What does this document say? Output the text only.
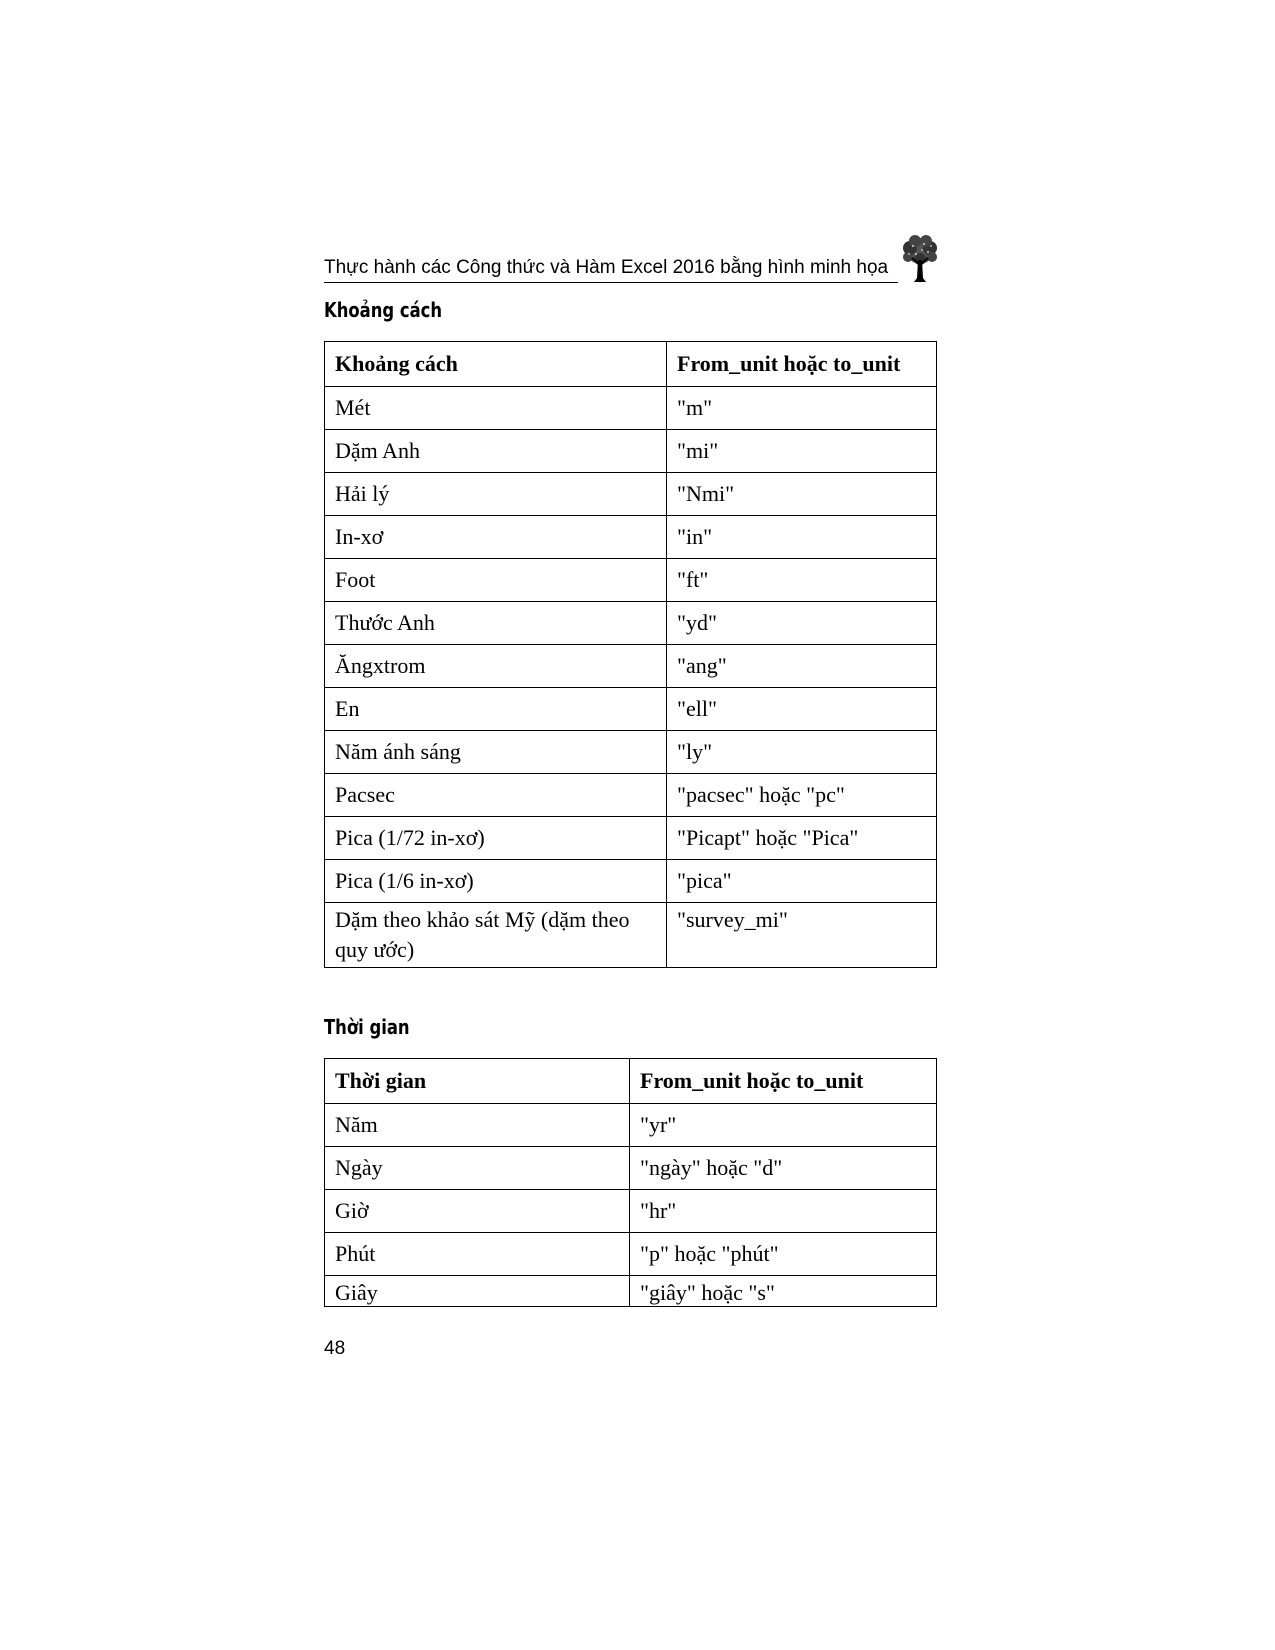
Thực hành các Công thức và Hàm Excel 2016 bằng hình minh họa
Khoảng cách
Khoảng cách	From_unit hoặc to_unit
Mét	"m"
Dặm Anh	"mi"
Hải lý	"Nmi"
In-xơ	"in"
Foot	"ft"
Thước Anh	"yd"
Ăngxtrom	"ang"
En	"ell"
Năm ánh sáng	"ly"
Pacsec	"pacsec" hoặc "pc"
Pica (1/72 in-xơ)	"Picapt" hoặc "Pica"
Pica (1/6 in-xơ)	"pica"
Dặm theo khảo sát Mỹ (dặm theo quy ước)	"survey_mi"
Thời gian
Thời gian	From_unit hoặc to_unit
Năm	"yr"
Ngày	"ngày" hoặc "d"
Giờ	"hr"
Phút	"p" hoặc "phút"
Giây	"giây" hoặc "s"
48
